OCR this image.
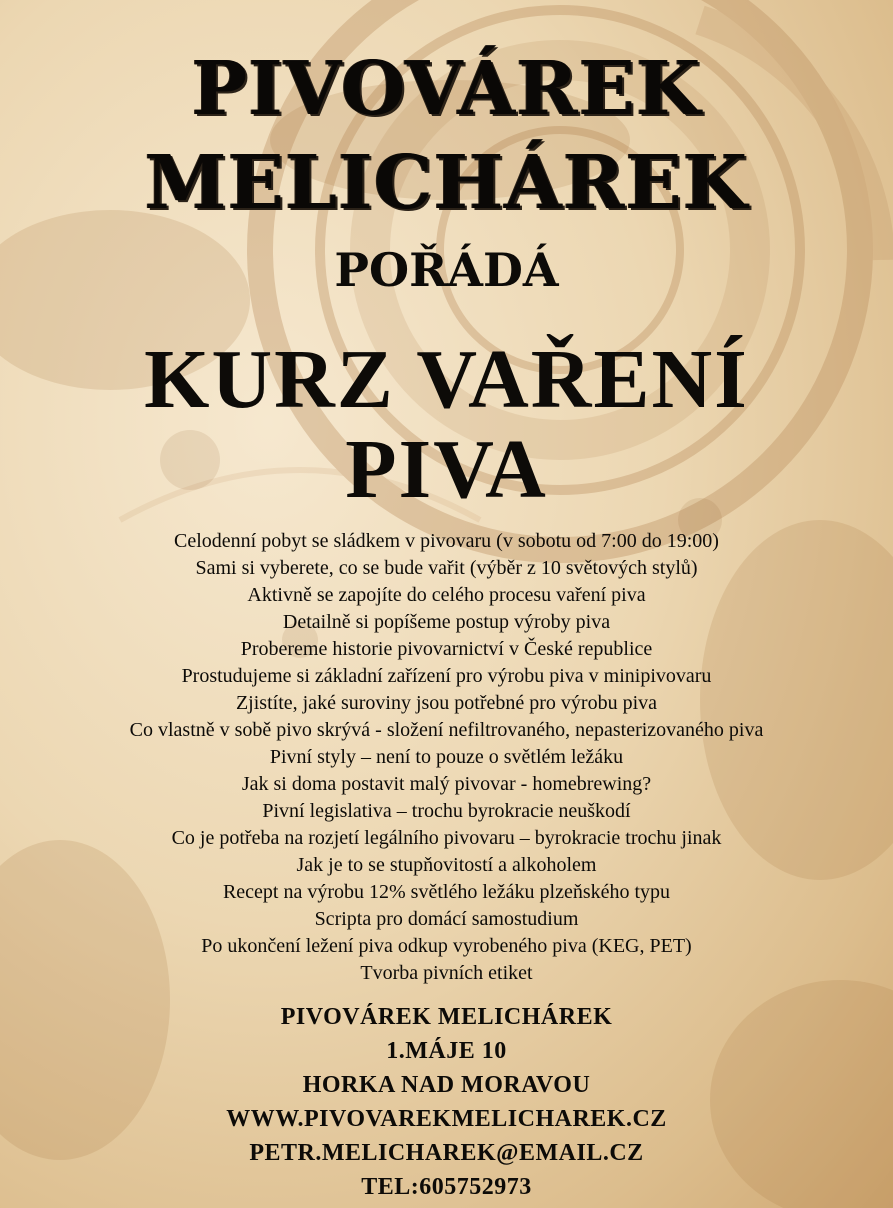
PIVOVÁREK
MELICHÁREK
POŘÁDÁ
KURZ VAŘENÍ
PIVA
Celodenní pobyt se sládkem v pivovaru (v sobotu od 7:00 do 19:00)
Sami si vyberete, co se bude vařit (výběr z 10 světových stylů)
Aktivně se zapojíte do celého procesu vaření piva
Detailně si popíšeme postup výroby piva
Probereme historie pivovarnictví v České republice
Prostudujeme si základní zařízení pro výrobu piva v minipivovaru
Zjistíte, jaké suroviny jsou potřebné pro výrobu piva
Co vlastně v sobě pivo skrývá - složení nefiltrovaného, nepasterizovaného piva
Pivní styly – není to pouze o světlém ležáku
Jak si doma postavit malý pivovar - homebrewing?
Pivní legislativa – trochu byrokracie neuškodí
Co je potřeba na rozjetí legálního pivovaru – byrokracie trochu jinak
Jak je to se stupňovitostí a alkoholem
Recept na výrobu 12% světlého ležáku plzeňského typu
Scripta pro domácí samostudium
Po ukončení ležení piva odkup vyrobeného piva (KEG, PET)
Tvorba pivních etiket
PIVOVÁREK MELICHÁREK
1.MÁJE 10
HORKA NAD MORAVOU
WWW.PIVOVAREKMELICHAREK.CZ
PETR.MELICHAREK@EMAIL.CZ
TEL:605752973
